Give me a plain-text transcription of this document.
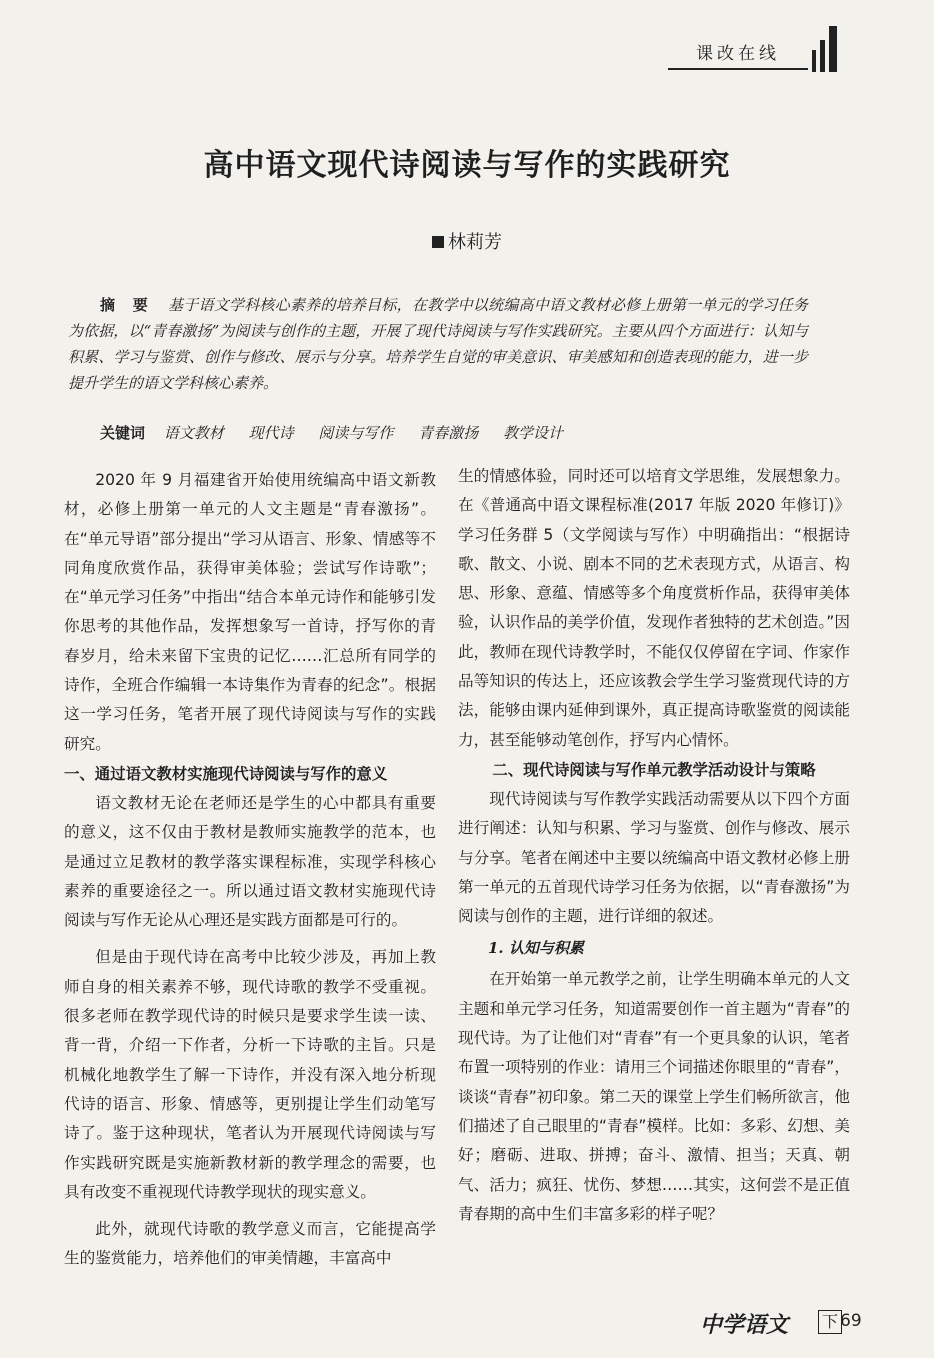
课改在线
高中语文现代诗阅读与写作的实践研究
林莉芳
摘 要 基于语文学科核心素养的培养目标，在教学中以统编高中语文教材必修上册第一单元的学习任务为依据，以“青春激扬”为阅读与创作的主题，开展了现代诗阅读与写作实践研究。主要从四个方面进行：认知与积累、学习与鉴赏、创作与修改、展示与分享。培养学生自觉的审美意识、审美感知和创造表现的能力，进一步提升学生的语文学科核心素养。
关键词 语文教材 现代诗 阅读与写作 青春激扬 教学设计

2020 年 9 月福建省开始使用统编高中语文新教材，必修上册第一单元的人文主题是“青春激扬”。在“单元导语”部分提出“学习从语言、形象、情感等不同角度欣赏作品，获得审美体验；尝试写作诗歌”；在“单元学习任务”中指出“结合本单元诗作和能够引发你思考的其他作品，发挥想象写一首诗，抒写你的青春岁月，给未来留下宝贵的记忆……汇总所有同学的诗作，全班合作编辑一本诗集作为青春的纪念”。根据这一学习任务，笔者开展了现代诗阅读与写作的实践研究。

一、通过语文教材实施现代诗阅读与写作的意义

语文教材无论在老师还是学生的心中都具有重要的意义，这不仅由于教材是教师实施教学的范本，也是通过立足教材的教学落实课程标准，实现学科核心素养的重要途径之一。所以通过语文教材实施现代诗阅读与写作无论从心理还是实践方面都是可行的。

但是由于现代诗在高考中比较少涉及，再加上教师自身的相关素养不够，现代诗歌的教学不受重视。很多老师在教学现代诗的时候只是要求学生读一读、背一背，介绍一下作者，分析一下诗歌的主旨。只是机械化地教学生了解一下诗作，并没有深入地分析现代诗的语言、形象、情感等，更别提让学生们动笔写诗了。鉴于这种现状，笔者认为开展现代诗阅读与写作实践研究既是实施新教材新的教学理念的需要，也具有改变不重视现代诗教学现状的现实意义。

此外，就现代诗歌的教学意义而言，它能提高学生的鉴赏能力，培养他们的审美情趣，丰富高中

生的情感体验，同时还可以培育文学思维，发展想象力。在《普通高中语文课程标准(2017 年版 2020 年修订)》学习任务群 5（文学阅读与写作）中明确指出：“根据诗歌、散文、小说、剧本不同的艺术表现方式，从语言、构思、形象、意蕴、情感等多个角度赏析作品，获得审美体验，认识作品的美学价值，发现作者独特的艺术创造。”因此，教师在现代诗教学时，不能仅仅停留在字词、作家作品等知识的传达上，还应该教会学生学习鉴赏现代诗的方法，能够由课内延伸到课外，真正提高诗歌鉴赏的阅读能力，甚至能够动笔创作，抒写内心情怀。

二、现代诗阅读与写作单元教学活动设计与策略

现代诗阅读与写作教学实践活动需要从以下四个方面进行阐述：认知与积累、学习与鉴赏、创作与修改、展示与分享。笔者在阐述中主要以统编高中语文教材必修上册第一单元的五首现代诗学习任务为依据，以“青春激扬”为阅读与创作的主题，进行详细的叙述。

1. 认知与积累

在开始第一单元教学之前，让学生明确本单元的人文主题和单元学习任务，知道需要创作一首主题为“青春”的现代诗。为了让他们对“青春”有一个更具象的认识，笔者布置一项特别的作业：请用三个词描述你眼里的“青春”，谈谈“青春”初印象。第二天的课堂上学生们畅所欲言，他们描述了自己眼里的“青春”模样。比如：多彩、幻想、美好；磨砺、进取、拼搏；奋斗、激情、担当；天真、朝气、活力；疯狂、忧伤、梦想……其实，这何尝不是正值青春期的高中生们丰富多彩的样子呢？

中学语文 下 69
